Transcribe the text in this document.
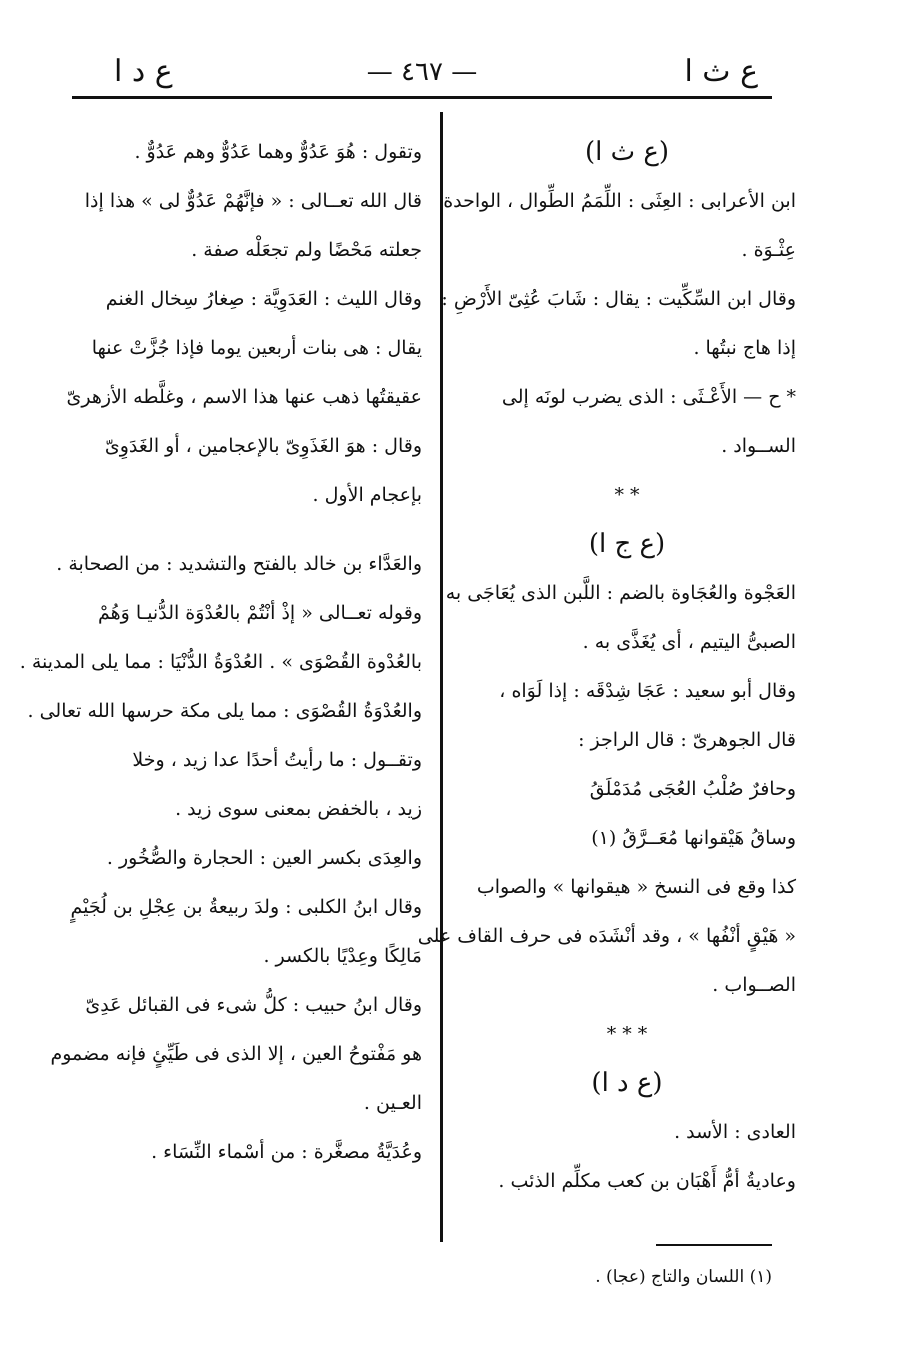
ع ث ا
— ٤٦٧ —
ع د ا
(ع ث ا)
ابن الأعرابى : العِثَى : اللِّمَمُ الطِّوال ، الواحدة
عِثْـوَة .
وقال ابن السِّكِّيت : يقال : شَابَ عُثِىّ الأَرْضِ :
إذا هاج نبتُها .
* ح — الأَعْـثَى : الذى يضرب لونَه إلى
الســواد .
* *
(ع ج ا)
العَجْوة والعُجَاوة بالضم : اللَّبن الذى يُعَاجَى به
الصبىُّ اليتيم ، أى يُغَذَّى به .
وقال أبو سعيد : عَجَا شِدْقَه : إذا لَوَاه ،
قال الجوهرىّ : قال الراجز :
وحافرٌ صُلْبُ العُجَى مُدَمْلَقُ
وساقُ هَيْقوانها مُعَــرَّقُ (١)
كذا وقع فى النسخ « هيقوانها » والصواب
« هَيْقٍ أنْفُها » ، وقد أنْشَدَه فى حرف القاف على
الصــواب .
* * *
(ع د ا)
العادى : الأسد .
وعاديةُ أمُّ أَهْبَان بن كعب مكلِّم الذئب .
وتقول : هُوَ عَدُوٌّ وهما عَدُوٌّ وهم عَدُوٌّ .
قال الله تعــالى : « فإنَّهُمْ عَدُوٌّ لى » هذا إذا
جعلته مَحْضًا ولم تجعَلْه صفة .
وقال الليث : العَدَوِيَّة : صِغارُ سِخال الغنم
يقال : هى بنات أربعين يوما فإذا جُزَّتْ عنها
عقيقتُها ذهب عنها هذا الاسم ، وغلَّطه الأزهرىّ
وقال : هوَ الغَذَوِىّ بالإعجامين ، أو الغَدَوِىّ
بإعجام الأول .
والعَدَّاء بن خالد بالفتح والتشديد : من الصحابة .
وقوله تعــالى « إذْ أنْتُمْ بالعُدْوَة الدُّنيـا وَهُمْ
بالعُدْوة القُصْوَى » . العُدْوَةُ الدُّنْيَا : مما يلى المدينة .
والعُدْوَةُ القُصْوَى : مما يلى مكة حرسها الله تعالى .
وتقــول : ما رأيتُ أحدًا عدا زيد ، وخلا
زيد ، بالخفض بمعنى سوى زيد .
والعِدَى بكسر العين : الحجارة والصُّخُور .
وقال ابنُ الكلبى : ولدَ ربيعةُ بن عِجْلِ بن لُجَيْمٍ
مَالِكًا وعِدْيًا بالكسر .
وقال ابنُ حبيب : كلُّ شىء فى القبائل عَدِىّ
هو مَفْتوحُ العين ، إلا الذى فى طَيِّئٍ فإنه مضموم
العـين .
وعُدَيَّةُ مصغَّرة : من أسْماء النِّسَاء .
(١) اللسان والتاج (عجا) .
